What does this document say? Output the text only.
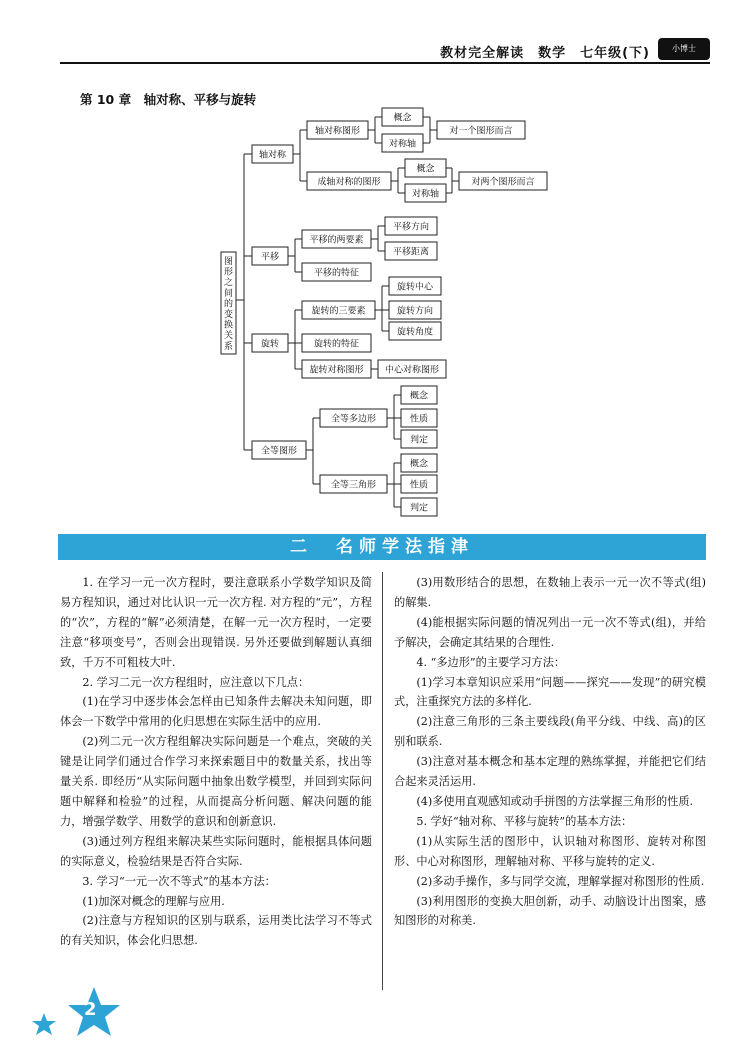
教材完全解读　数学　七年级(下)	小博士
第 10 章　轴对称、平移与旋转
图形之间的变换关系
轴对称
轴对称图形
概念
对称轴
对一个图形而言
成轴对称的图形
概念
对称轴
对两个图形而言
平移
平移的两要素
平移方向
平移距离
平移的特征
旋转
旋转的三要素
旋转中心
旋转方向
旋转角度
旋转的特征
旋转对称图形 中心对称图形
全等图形
全等多边形
概念
性质
判定
全等三角形
概念
性质
判定
二　名师学法指津

1. 在学习一元一次方程时，要注意联系小学数学知识及简易方程知识，通过对比认识一元一次方程. 对方程的“元”，方程的“次”，方程的“解”必须清楚，在解一元一次方程时，一定要注意“移项变号”，否则会出现错误. 另外还要做到解题认真细致，千万不可粗枝大叶.

2. 学习二元一次方程组时，应注意以下几点：

(1)在学习中逐步体会怎样由已知条件去解决未知问题，即体会一下数学中常用的化归思想在实际生活中的应用.

(2)列二元一次方程组解决实际问题是一个难点，突破的关键是让同学们通过合作学习来探索题目中的数量关系，找出等量关系. 即经历“从实际问题中抽象出数学模型，并回到实际问题中解释和检验”的过程，从而提高分析问题、解决问题的能力，增强学数学、用数学的意识和创新意识.

(3)通过列方程组来解决某些实际问题时，能根据具体问题的实际意义，检验结果是否符合实际.

3. 学习“一元一次不等式”的基本方法：

(1)加深对概念的理解与应用.

(2)注意与方程知识的区别与联系，运用类比法学习不等式的有关知识，体会化归思想.

(3)用数形结合的思想，在数轴上表示一元一次不等式(组)的解集.

(4)能根据实际问题的情况列出一元一次不等式(组)，并给予解决，会确定其结果的合理性.

4. “多边形”的主要学习方法：

(1)学习本章知识应采用“问题——探究——发现”的研究模式，注重探究方法的多样化.

(2)注意三角形的三条主要线段(角平分线、中线、高)的区别和联系.

(3)注意对基本概念和基本定理的熟练掌握，并能把它们结合起来灵活运用.

(4)多使用直观感知或动手拼图的方法掌握三角形的性质.

5. 学好“轴对称、平移与旋转”的基本方法：

(1)从实际生活的图形中，认识轴对称图形、旋转对称图形、中心对称图形，理解轴对称、平移与旋转的定义.

(2)多动手操作，多与同学交流，理解掌握对称图形的性质.

(3)利用图形的变换大胆创新，动手、动脑设计出图案，感知图形的对称美.

2
